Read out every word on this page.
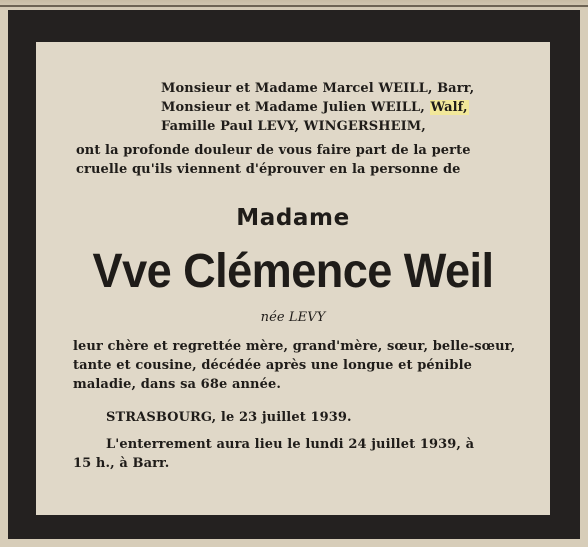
Monsieur et Madame Marcel WEILL, Barr,
Monsieur et Madame Julien WEILL, Walf,
Famille Paul LEVY, WINGERSHEIM,
ont la profonde douleur de vous faire part de la perte
cruelle qu'ils viennent d'éprouver en la personne de
Madame
Vve Clémence Weil
née LEVY
leur chère et regrettée mère, grand'mère, sœur, belle-sœur,
tante et cousine, décédée après une longue et pénible
maladie, dans sa 68e année.
STRASBOURG, le 23 juillet 1939.
L'enterrement aura lieu le lundi 24 juillet 1939, à
15 h., à Barr.
